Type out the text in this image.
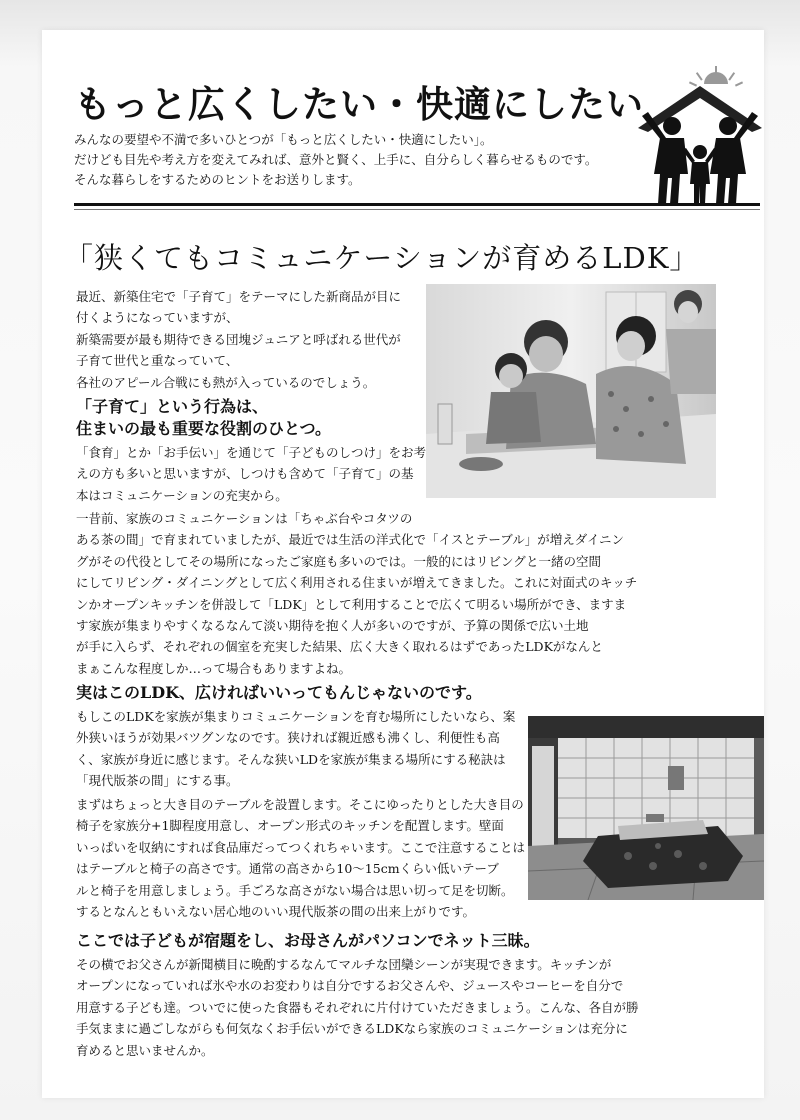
もっと広くしたい・快適にしたい

みんなの要望や不満で多いひとつが「もっと広くしたい・快適にしたい」。

だけども目先や考え方を変えてみれば、意外と賢く、上手に、自分らしく暮らせるものです。

そんな暮らしをするためのヒントをお送りします。

「狭くてもコミュニケーションが育めるLDK」

最近、新築住宅で「子育て」をテーマにした新商品が目に

付くようになっていますが、

新築需要が最も期待できる団塊ジュニアと呼ばれる世代が

子育て世代と重なっていて、

各社のアピール合戦にも熱が入っているのでしょう。

「子育て」という行為は、

住まいの最も重要な役割のひとつ。

「食育」とか「お手伝い」を通じて「子どものしつけ」をお考

えの方も多いと思いますが、しつけも含めて「子育て」の基

本はコミュニケーションの充実から。

一昔前、家族のコミュニケーションは「ちゃぶ台やコタツの

ある茶の間」で育まれていましたが、最近では生活の洋式化で「イスとテーブル」が増えダイニン

グがその代役としてその場所になったご家庭も多いのでは。一般的にはリビングと一緒の空間

にしてリビング・ダイニングとして広く利用される住まいが増えてきました。これに対面式のキッチ

ンかオープンキッチンを併設して「LDK」として利用することで広くて明るい場所ができ、ますま

す家族が集まりやすくなるなんて淡い期待を抱く人が多いのですが、予算の関係で広い土地

が手に入らず、それぞれの個室を充実した結果、広く大きく取れるはずであったLDKがなんと

まぁこんな程度しか…って場合もありますよね。

実はこのLDK、広ければいいってもんじゃないのです。

もしこのLDKを家族が集まりコミュニケーションを育む場所にしたいなら、案

外狭いほうが効果バツグンなのです。狭ければ親近感も沸くし、利便性も高

く、家族が身近に感じます。そんな狭いLDを家族が集まる場所にする秘訣は

「現代版茶の間」にする事。

まずはちょっと大き目のテーブルを設置します。そこにゆったりとした大き目の

椅子を家族分+1脚程度用意し、オープン形式のキッチンを配置します。壁面

いっぱいを収納にすれば食品庫だってつくれちゃいます。ここで注意することは

はテーブルと椅子の高さです。通常の高さから10～15cmくらい低いテーブ

ルと椅子を用意しましょう。手ごろな高さがない場合は思い切って足を切断。

するとなんともいえない居心地のいい現代版茶の間の出来上がりです。

ここでは子どもが宿題をし、お母さんがパソコンでネット三昧。

その横でお父さんが新聞横目に晩酌するなんてマルチな団欒シーンが実現できます。キッチンが

オープンになっていれば氷や水のお変わりは自分でするお父さんや、ジュースやコーヒーを自分で

用意する子ども達。ついでに使った食器もそれぞれに片付けていただきましょう。こんな、各自が勝

手気ままに過ごしながらも何気なくお手伝いができるLDKなら家族のコミュニケーションは充分に

育めると思いませんか。
